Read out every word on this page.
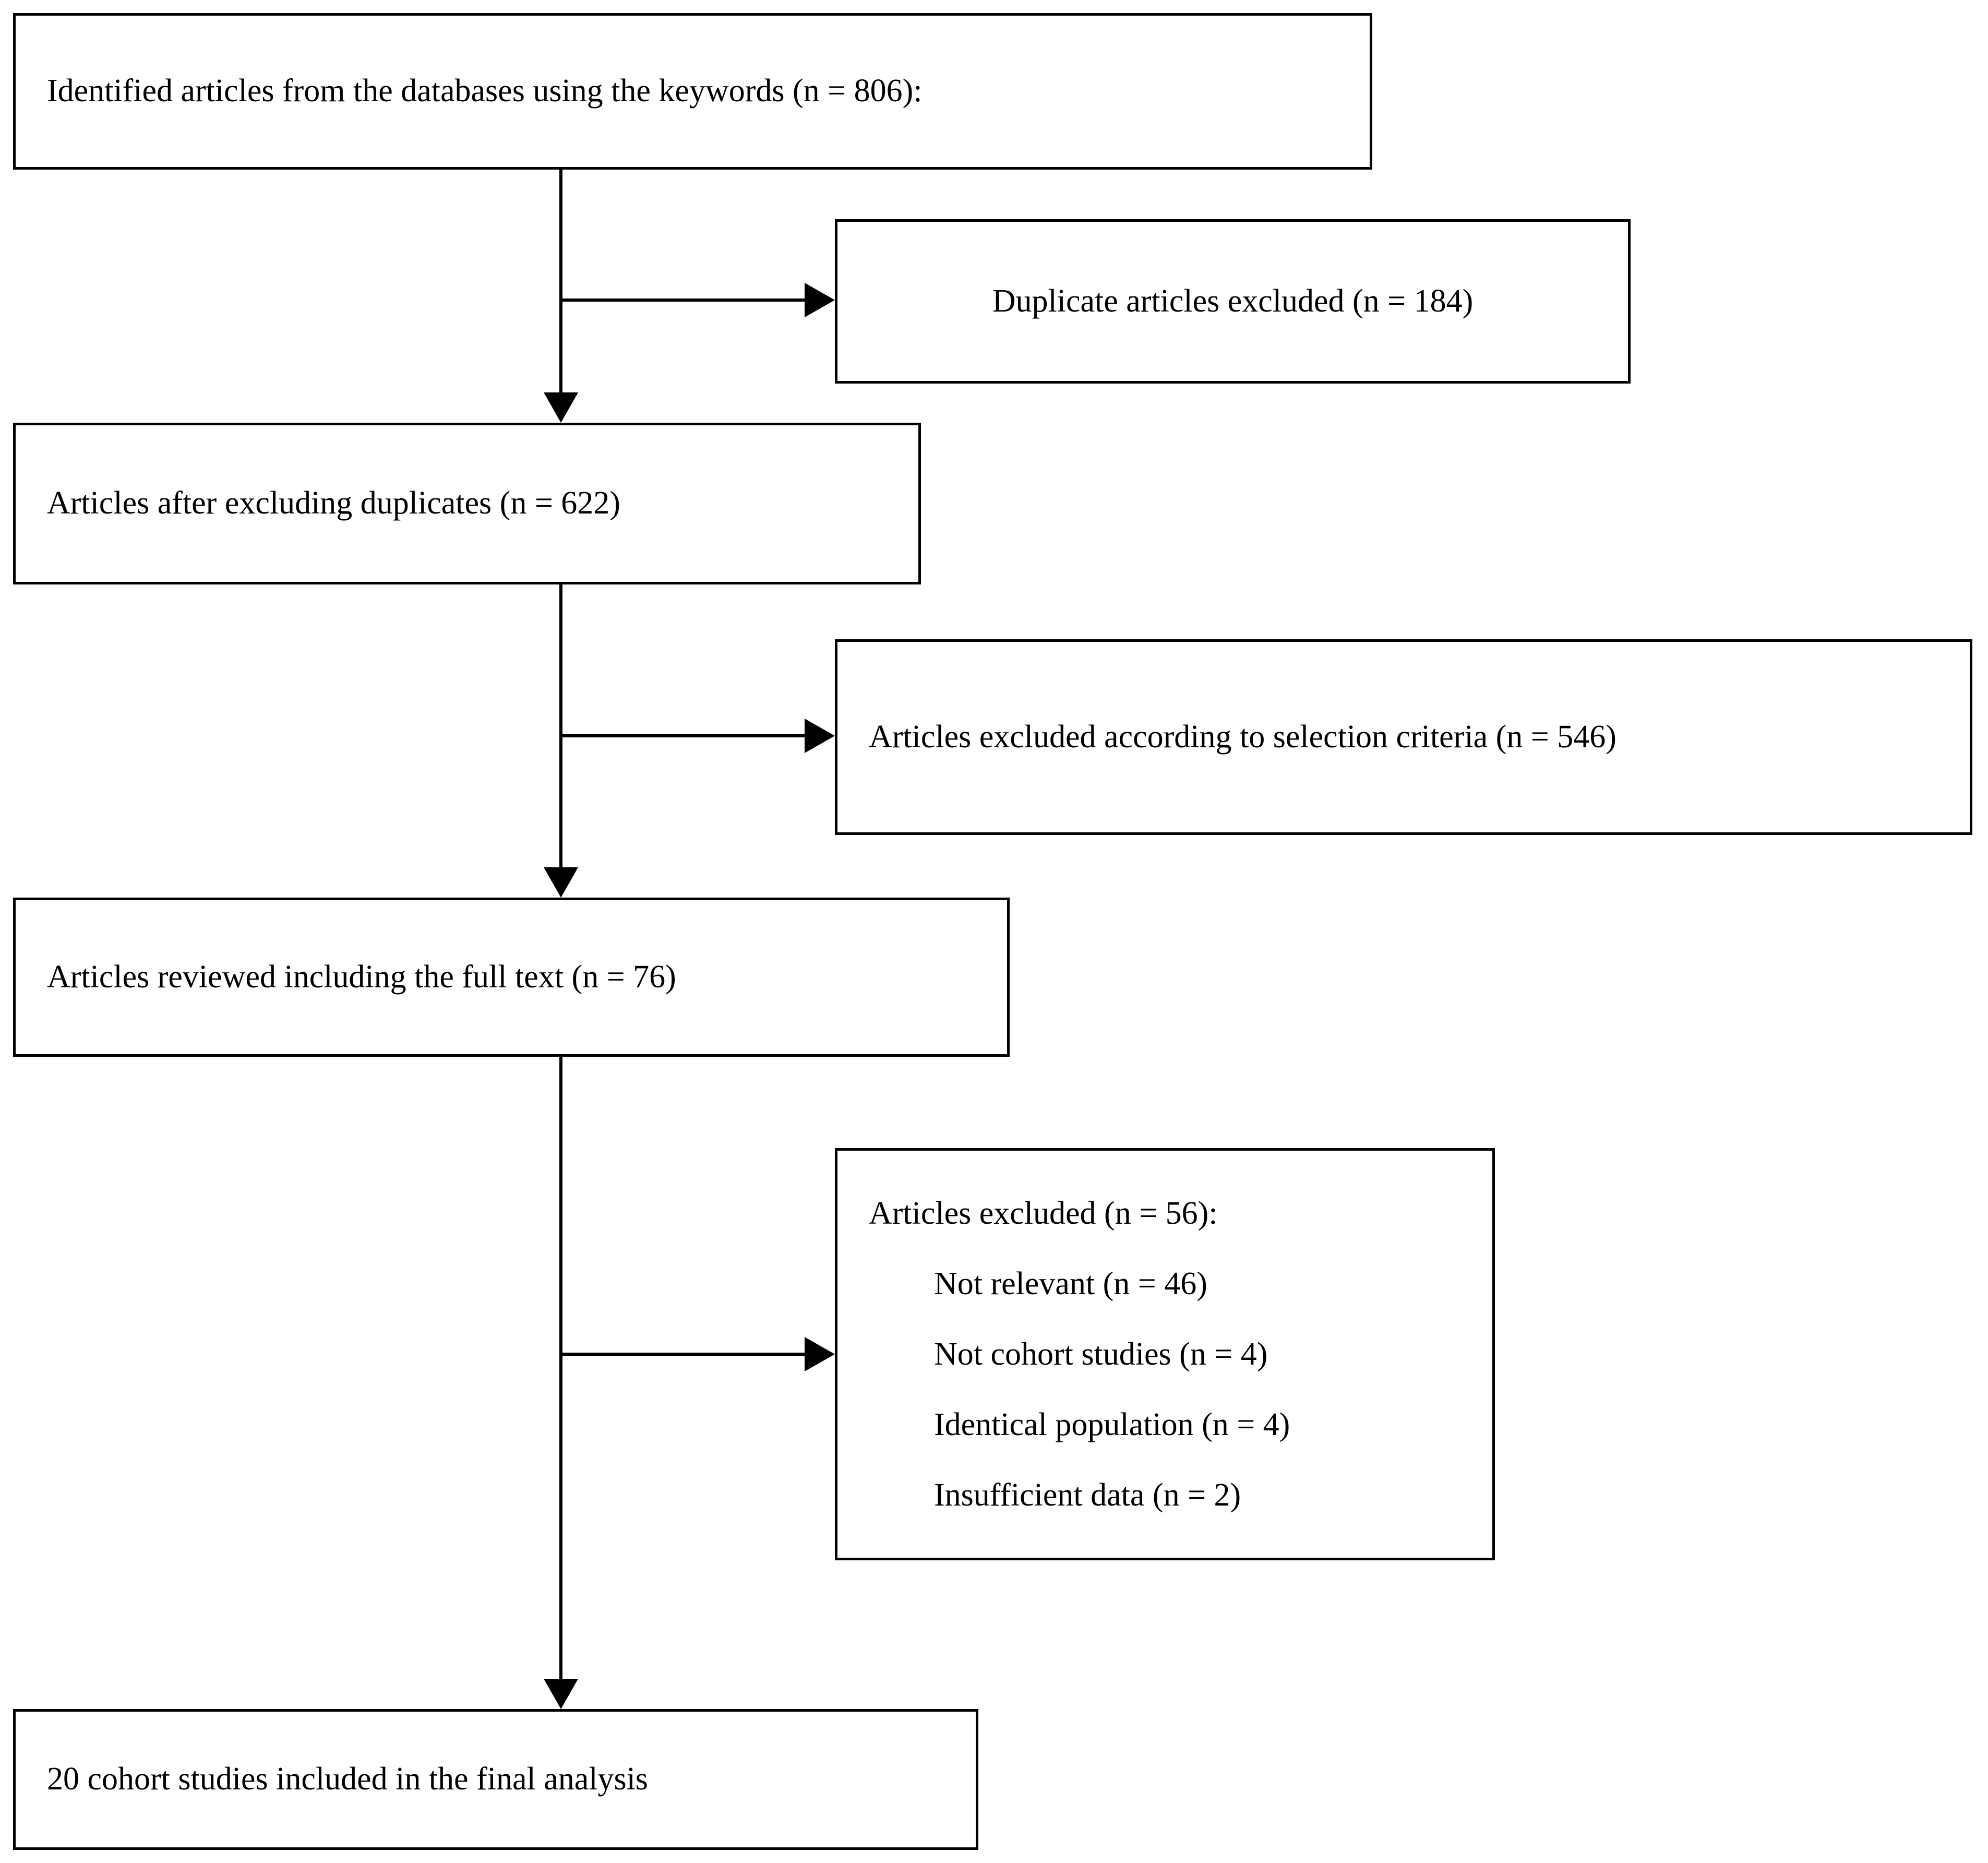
Identified articles from the databases using the keywords (n = 806):
Duplicate articles excluded (n = 184)
Articles after excluding duplicates (n = 622)
Articles excluded according to selection criteria (n = 546)
Articles reviewed including the full text (n = 76)
Articles excluded (n = 56):
Not relevant (n = 46)
Not cohort studies (n = 4)
Identical population (n = 4)
Insufficient data (n = 2)
20 cohort studies included in the final analysis
